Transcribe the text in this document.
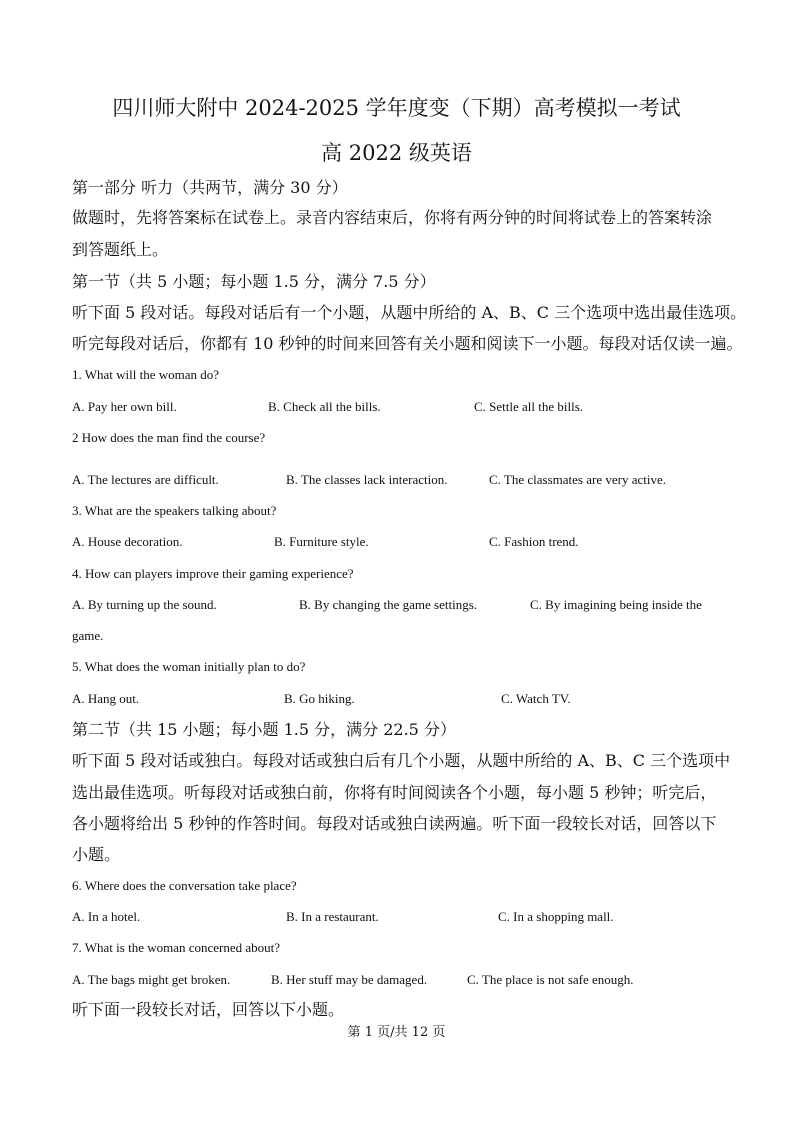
四川师大附中 2024-2025 学年度变（下期）高考模拟一考试
高 2022 级英语
第一部分 听力（共两节，满分 30 分）
做题时，先将答案标在试卷上。录音内容结束后，你将有两分钟的时间将试卷上的答案转涂
到答题纸上。
第一节（共 5 小题；每小题 1.5 分，满分 7.5 分）
听下面 5 段对话。每段对话后有一个小题，从题中所给的 A、B、C 三个选项中选出最佳选项。
听完每段对话后，你都有 10 秒钟的时间来回答有关小题和阅读下一小题。每段对话仅读一遍。
1. What will the woman do?
A. Pay her own bill.	B. Check all the bills.	C. Settle all the bills.
2 How does the man find the course?
A. The lectures are difficult.	B. The classes lack interaction.	C. The classmates are very active.
3. What are the speakers talking about?
A. House decoration.	B. Furniture style.	C. Fashion trend.
4. How can players improve their gaming experience?
A. By turning up the sound.	B. By changing the game settings.	C. By imagining being inside the
game.
5. What does the woman initially plan to do?
A. Hang out.	B. Go hiking.	C. Watch TV.
第二节（共 15 小题；每小题 1.5 分，满分 22.5 分）
听下面 5 段对话或独白。每段对话或独白后有几个小题，从题中所给的 A、B、C 三个选项中
选出最佳选项。听每段对话或独白前，你将有时间阅读各个小题，每小题 5 秒钟；听完后，
各小题将给出 5 秒钟的作答时间。每段对话或独白读两遍。听下面一段较长对话，回答以下
小题。
6. Where does the conversation take place?
A. In a hotel.	B. In a restaurant.	C. In a shopping mall.
7. What is the woman concerned about?
A. The bags might get broken.	B. Her stuff may be damaged.	C. The place is not safe enough.
听下面一段较长对话，回答以下小题。
第 1 页/共 12 页
